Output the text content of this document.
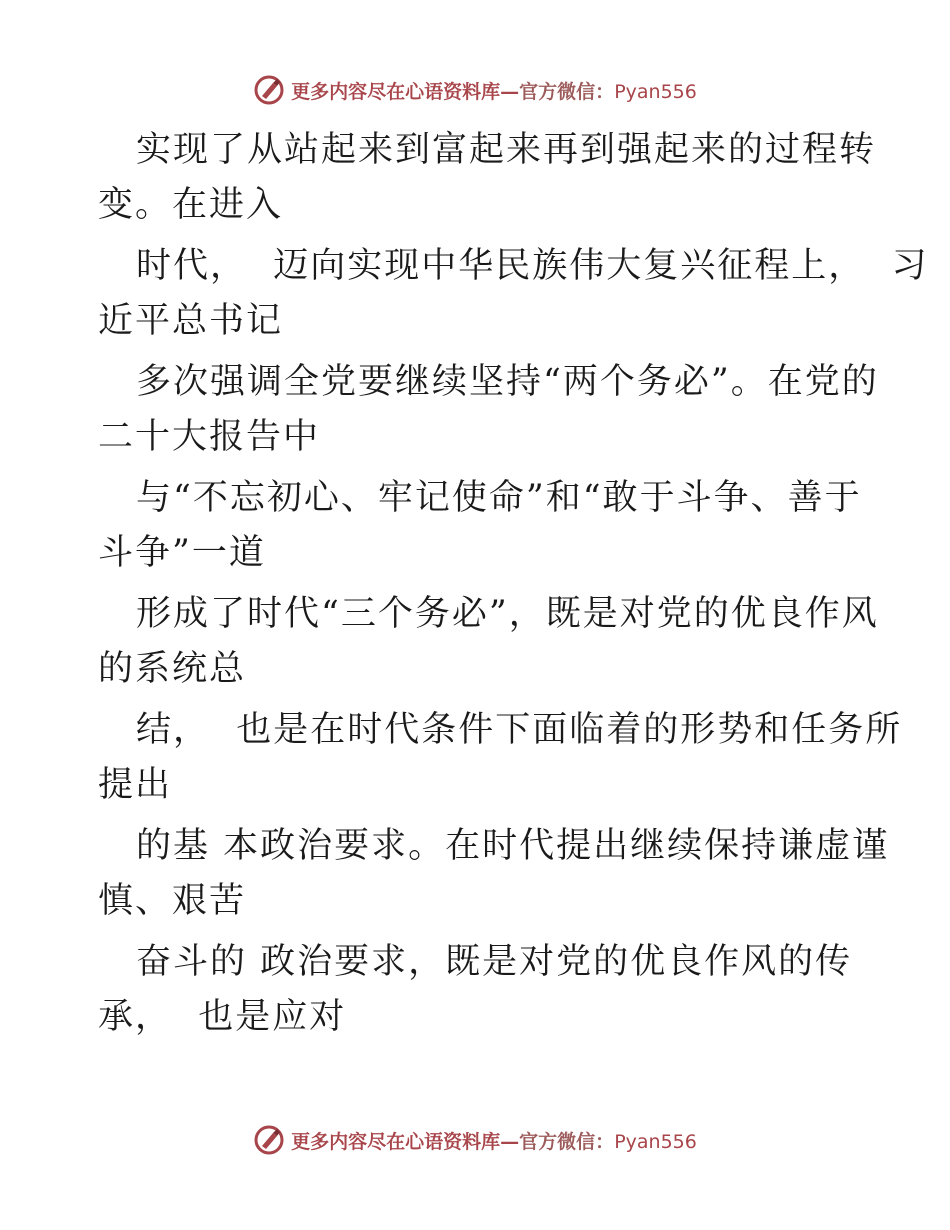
更多内容尽在心语资料库—官方微信：Pyan556
实现了从站起来到富起来再到强起来的过程转
变。在进入
时代，  迈向实现中华民族伟大复兴征程上，  习
近平总书记
多次强调全党要继续坚持“两个务必”。在党的
二十大报告中
与“不忘初心、牢记使命”和“敢于斗争、善于
斗争”一道
形成了时代“三个务必”，既是对党的优良作风
的系统总
结，  也是在时代条件下面临着的形势和任务所
提出
的基 本政治要求。在时代提出继续保持谦虚谨
慎、艰苦
奋斗的 政治要求，既是对党的优良作风的传
承，  也是应对
更多内容尽在心语资料库—官方微信：Pyan556
